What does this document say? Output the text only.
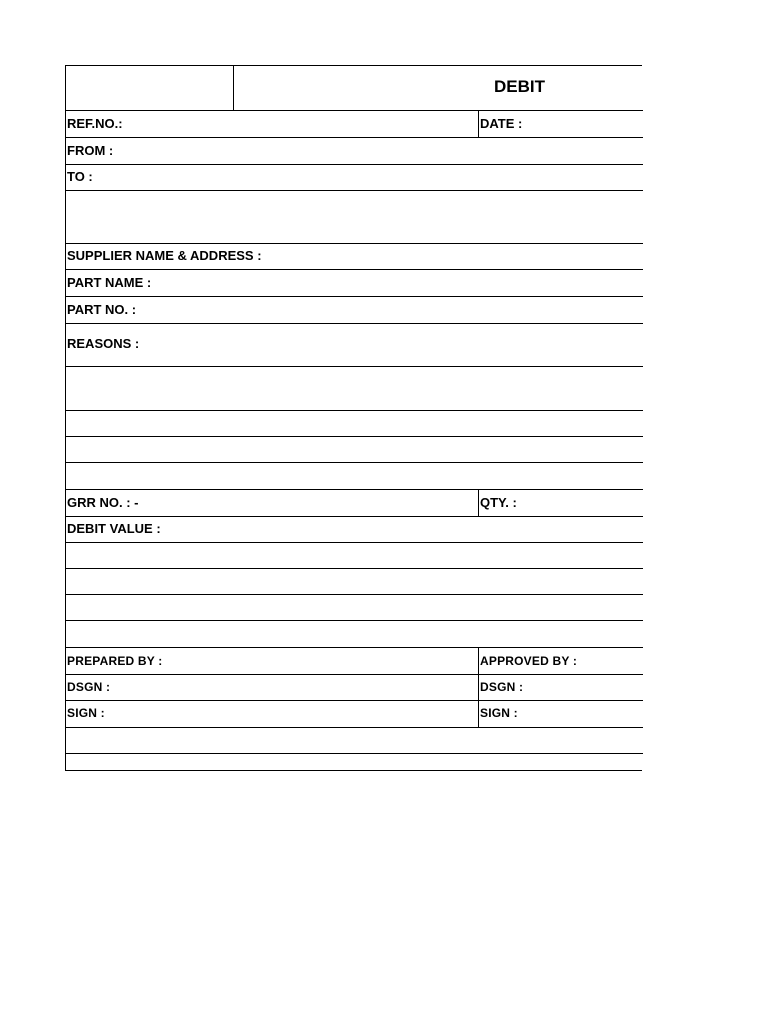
DEBIT
REF.NO.:	DATE :
FROM :
TO :
SUPPLIER NAME & ADDRESS :
PART NAME :
PART NO. :
REASONS :
GRR NO. : -	QTY. :
DEBIT VALUE :
PREPARED BY :	APPROVED BY :
DSGN :	DSGN :
SIGN :	SIGN :
